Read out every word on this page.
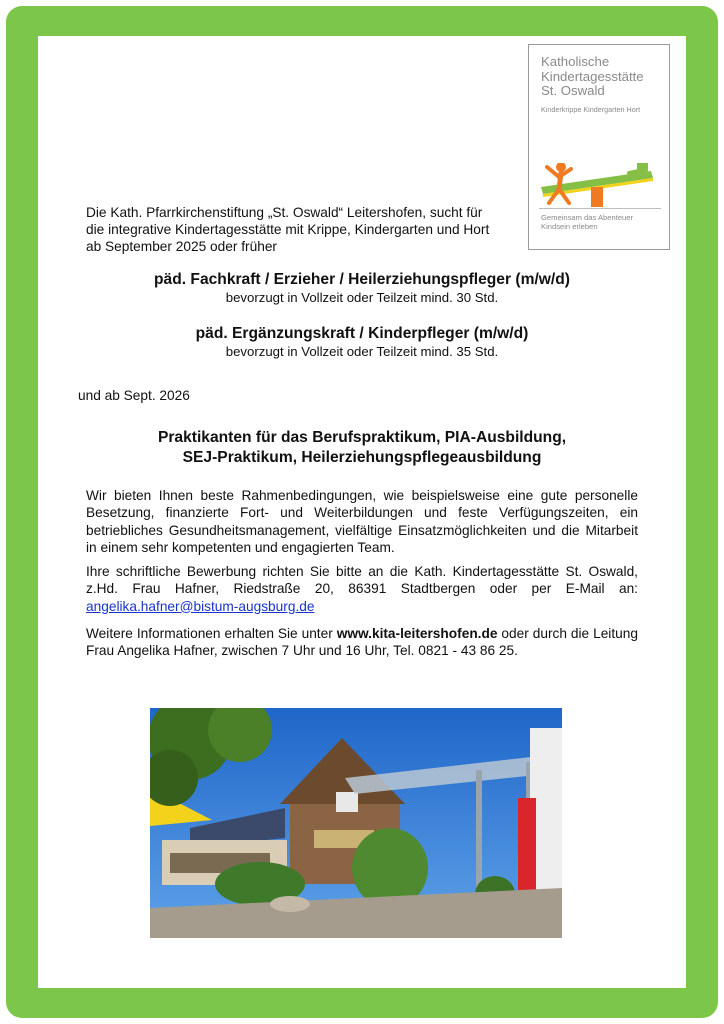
Katholische
Kindertagesstätte
St. Oswald
Kinderkrippe Kindergarten Hort
Gemeinsam das Abenteuer
Kindsein erleben
Die Kath. Pfarrkirchenstiftung „St. Oswald“ Leitershofen, sucht für
die integrative Kindertagesstätte mit Krippe, Kindergarten und Hort
ab September 2025 oder früher
päd. Fachkraft / Erzieher / Heilerziehungspfleger (m/w/d)
bevorzugt in Vollzeit oder Teilzeit mind. 30 Std.
päd. Ergänzungskraft / Kinderpfleger (m/w/d)
bevorzugt in Vollzeit oder Teilzeit mind. 35 Std.
und ab Sept. 2026
Praktikanten für das Berufspraktikum, PIA-Ausbildung,
SEJ-Praktikum, Heilerziehungspflegeausbildung
Wir bieten Ihnen beste Rahmenbedingungen, wie beispielsweise eine gute personelle Besetzung, finanzierte Fort- und Weiterbildungen und feste Verfügungszeiten, ein betriebliches Gesundheitsmanagement, vielfältige Einsatzmöglichkeiten und die Mitarbeit in einem sehr kompetenten und engagierten Team.
Ihre schriftliche Bewerbung richten Sie bitte an die Kath. Kindertagesstätte St. Oswald, z.Hd. Frau Hafner, Riedstraße 20, 86391 Stadtbergen oder per E-Mail an: angelika.hafner@bistum-augsburg.de
Weitere Informationen erhalten Sie unter www.kita-leitershofen.de oder durch die Leitung Frau Angelika Hafner, zwischen 7 Uhr und 16 Uhr, Tel. 0821 - 43 86 25.
